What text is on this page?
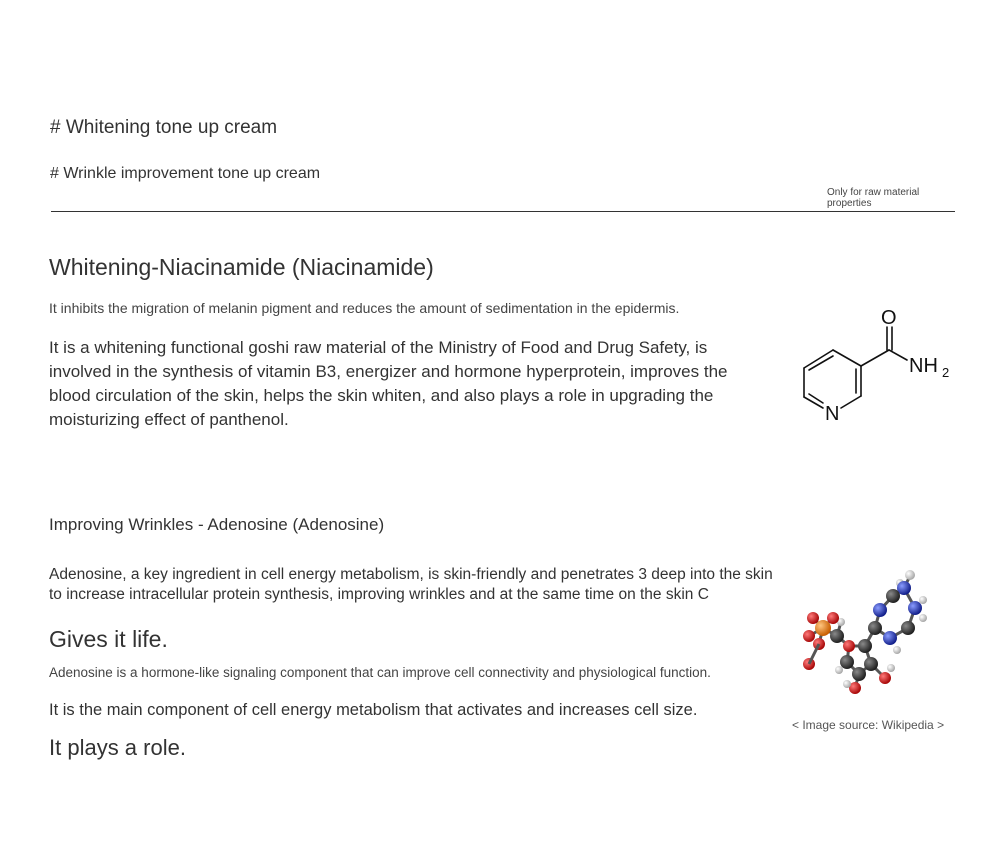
# Whitening tone up cream

# Wrinkle improvement tone up cream

Only for raw material properties
Whitening-Niacinamide (Niacinamide)

It inhibits the migration of melanin pigment and reduces the amount of sedimentation in the epidermis.

It is a whitening functional goshi raw material of the Ministry of Food and Drug Safety, is involved in the synthesis of vitamin B3, energizer and hormone hyperprotein, improves the blood circulation of the skin, helps the skin whiten, and also plays a role in upgrading the moisturizing effect of panthenol.

O
NH 2
N

Improving Wrinkles - Adenosine (Adenosine)

Adenosine, a key ingredient in cell energy metabolism, is skin-friendly and penetrates 3 deep into the skin to increase intracellular protein synthesis, improving wrinkles and at the same time on the skin C

Gives it life.

Adenosine is a hormone-like signaling component that can improve cell connectivity and physiological function.

It is the main component of cell energy metabolism that activates and increases cell size.

It plays a role.

< Image source: Wikipedia >
